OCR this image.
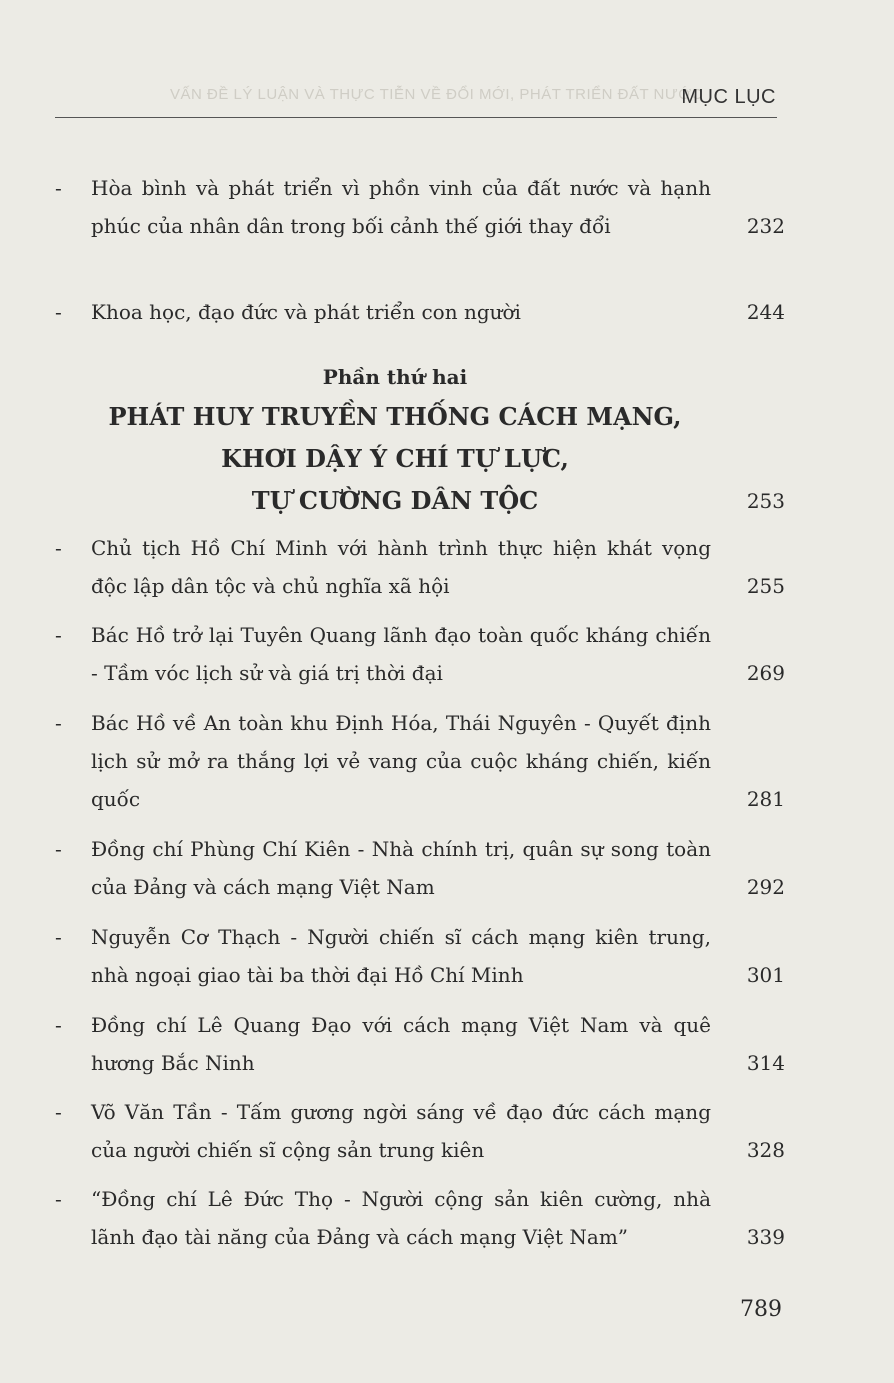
VẤN ĐỀ LÝ LUẬN VÀ THỰC TIỄN VỀ ĐỔI MỚI, PHÁT TRIỂN ĐẤT NƯỚC
MỤC LỤC
-	Hòa bình và phát triển vì phồn vinh của đất nước và hạnh phúc của nhân dân trong bối cảnh thế giới thay đổi	232
-	Khoa học, đạo đức và phát triển con người	244
Phần thứ hai
PHÁT HUY TRUYỀN THỐNG CÁCH MẠNG,
KHƠI DẬY Ý CHÍ TỰ LỰC,
TỰ CƯỜNG DÂN TỘC	253
-	Chủ tịch Hồ Chí Minh với hành trình thực hiện khát vọng độc lập dân tộc và chủ nghĩa xã hội	255
-	Bác Hồ trở lại Tuyên Quang lãnh đạo toàn quốc kháng chiến - Tầm vóc lịch sử và giá trị thời đại	269
-	Bác Hồ về An toàn khu Định Hóa, Thái Nguyên - Quyết định lịch sử mở ra thắng lợi vẻ vang của cuộc kháng chiến, kiến quốc	281
-	Đồng chí Phùng Chí Kiên - Nhà chính trị, quân sự song toàn của Đảng và cách mạng Việt Nam	292
-	Nguyễn Cơ Thạch - Người chiến sĩ cách mạng kiên trung, nhà ngoại giao tài ba thời đại Hồ Chí Minh	301
-	Đồng chí Lê Quang Đạo với cách mạng Việt Nam và quê hương Bắc Ninh	314
-	Võ Văn Tần - Tấm gương ngời sáng về đạo đức cách mạng của người chiến sĩ cộng sản trung kiên	328
-	“Đồng chí Lê Đức Thọ - Người cộng sản kiên cường, nhà lãnh đạo tài năng của Đảng và cách mạng Việt Nam”	339
789
